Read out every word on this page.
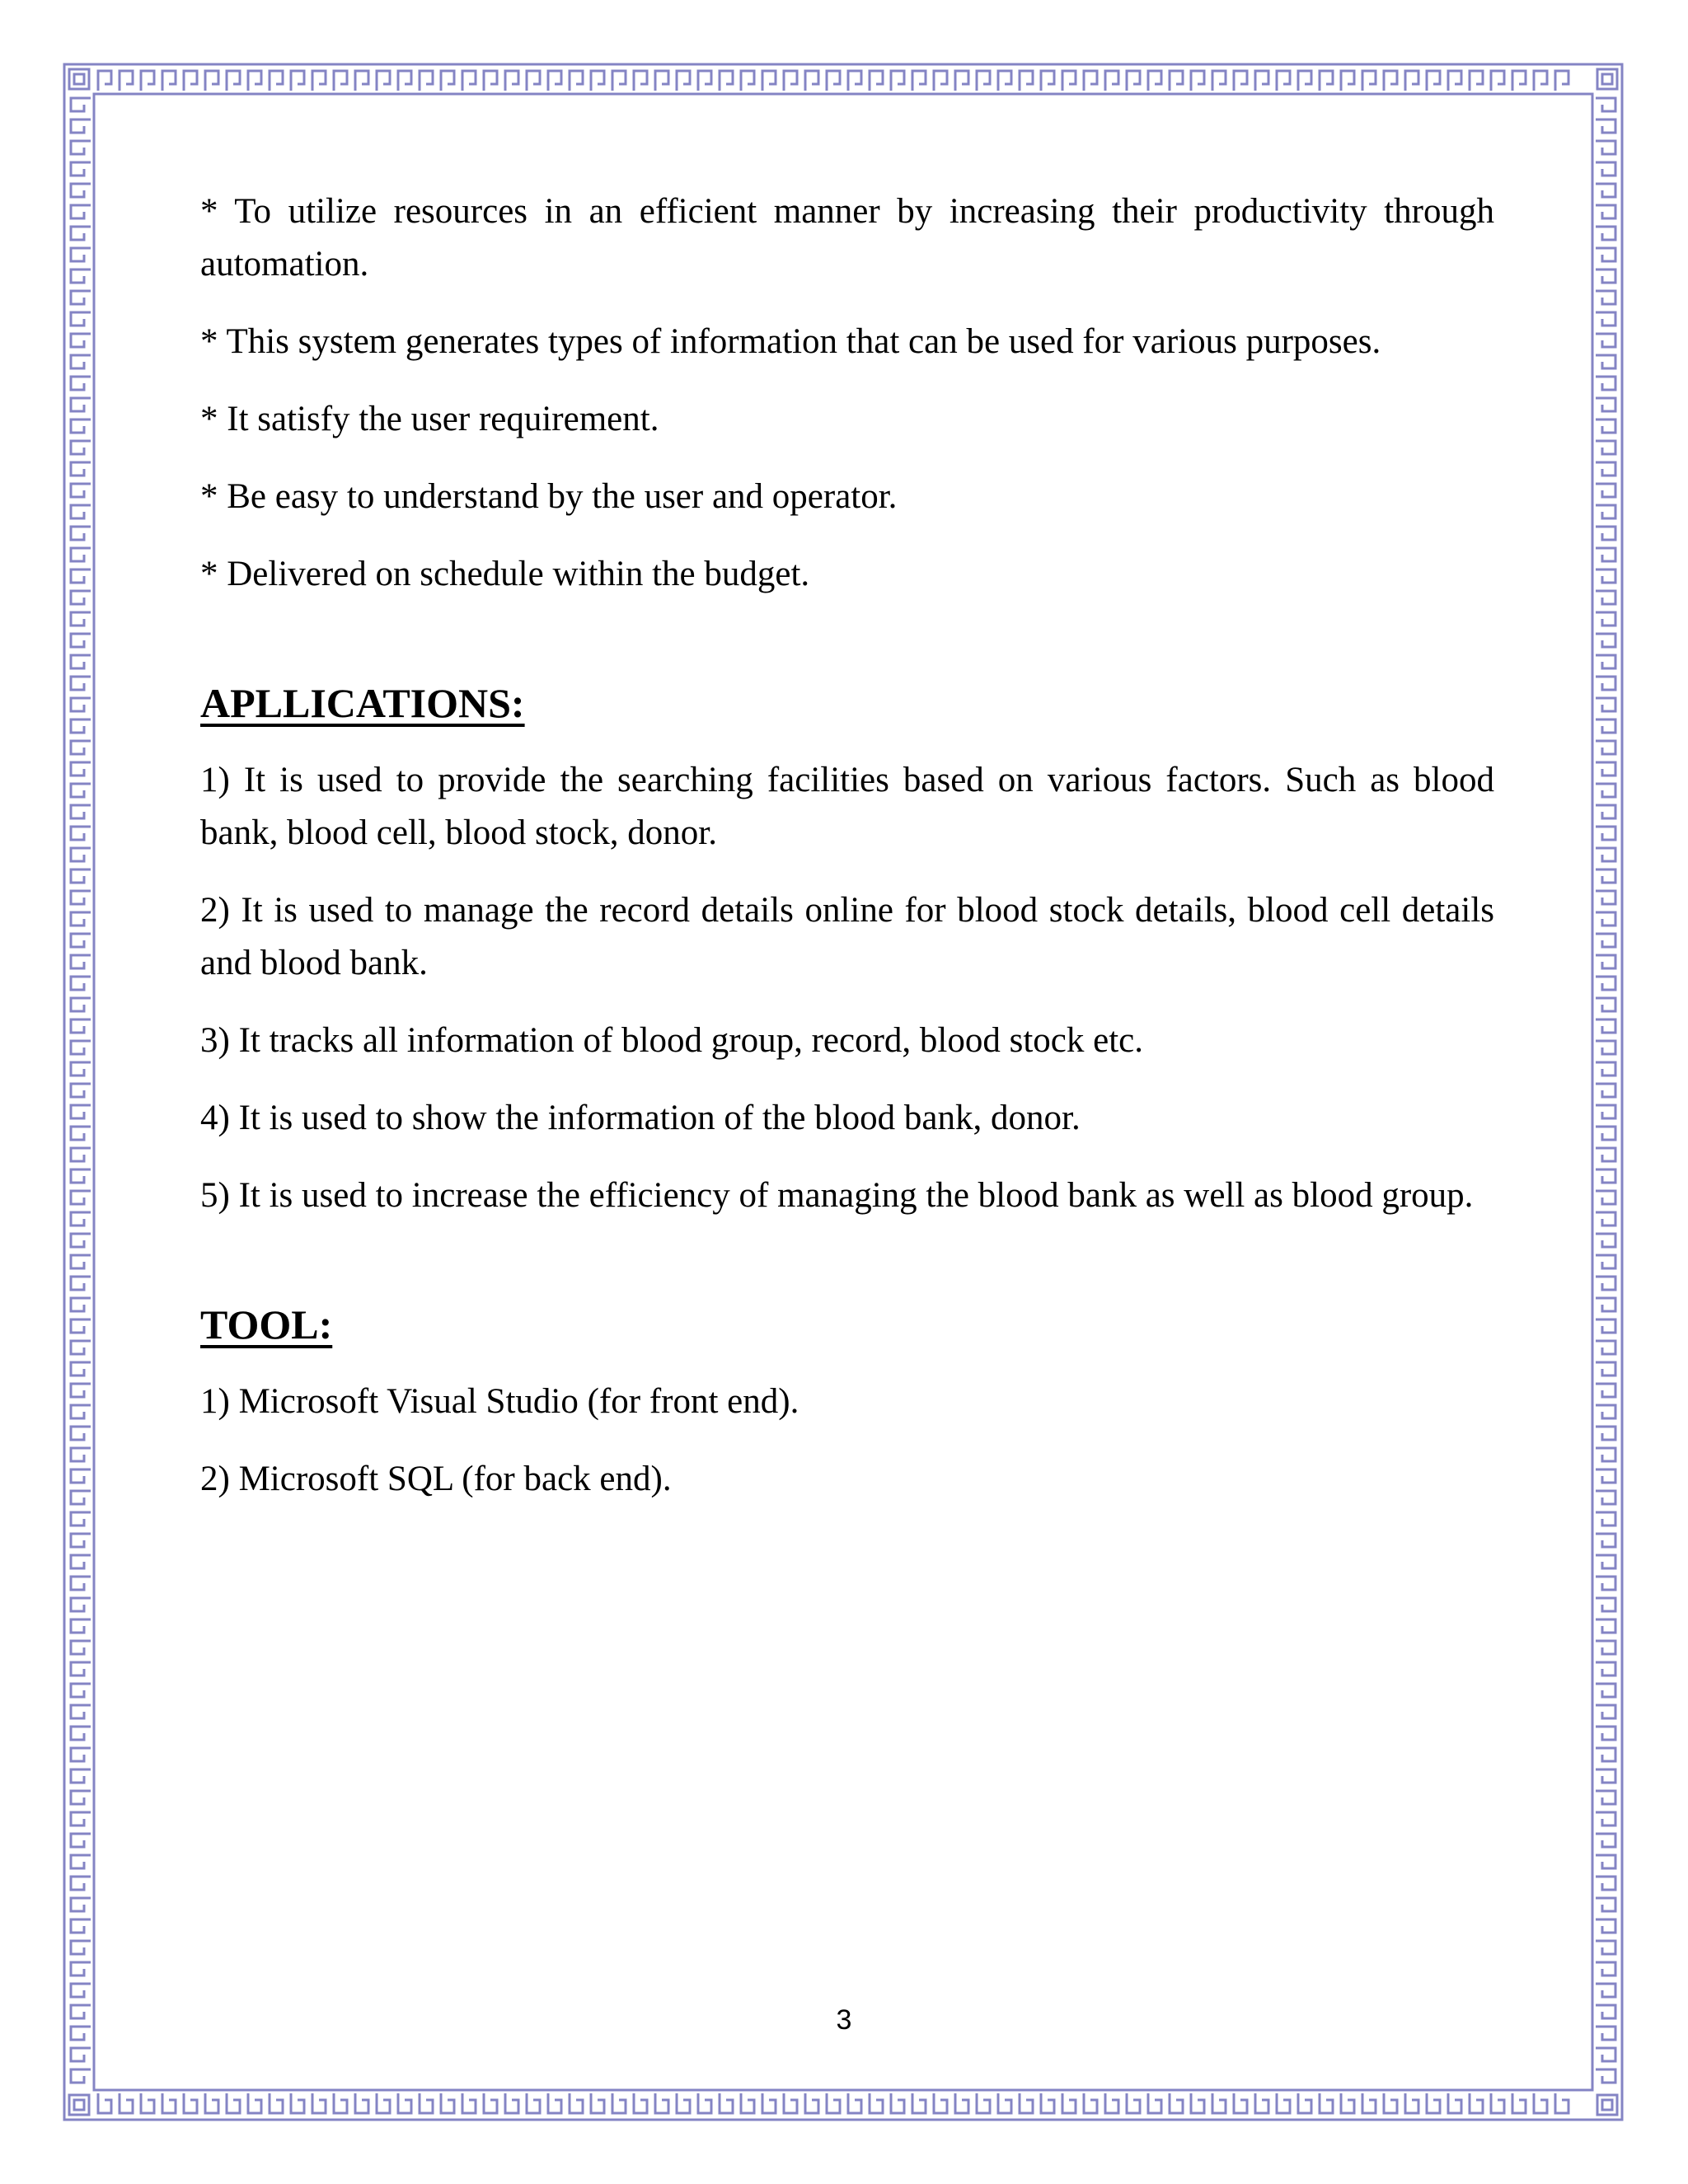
* To utilize resources in an efficient manner by increasing their productivity through automation.

* This system generates types of information that can be used for various purposes.

* It satisfy the user requirement.

* Be easy to understand by the user and operator.

* Delivered on schedule within the budget.

APLLICATIONS:

1) It is used to provide the searching facilities based on various factors. Such as blood bank, blood cell, blood stock, donor.

2) It is used to manage the record details online for blood stock details, blood cell details and blood bank.

3) It tracks all information of blood group, record, blood stock etc.

4) It is used to show the information of the blood bank, donor.

5) It is used to increase the efficiency of managing the blood bank as well as blood group.

TOOL:

1) Microsoft Visual Studio (for front end).

2) Microsoft SQL (for back end).

3
